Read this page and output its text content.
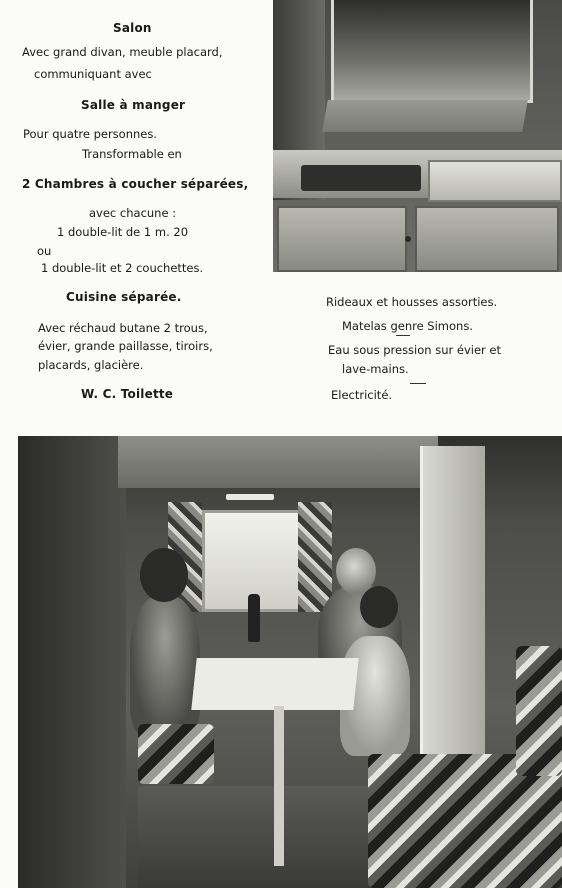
Salon
Avec grand divan, meuble placard,
communiquant avec
Salle à manger
Pour quatre personnes.
Transformable en
2 Chambres à coucher séparées,
avec chacune :
1 double-lit de 1 m. 20
ou
1 double-lit et 2 couchettes.
Cuisine séparée.
Avec réchaud butane 2 trous,
évier, grande paillasse, tiroirs,
placards, glacière.
W. C. Toilette
Rideaux et housses assorties.
Matelas genre Simons.
Eau sous pression sur évier et
lave-mains.
Electricité.
